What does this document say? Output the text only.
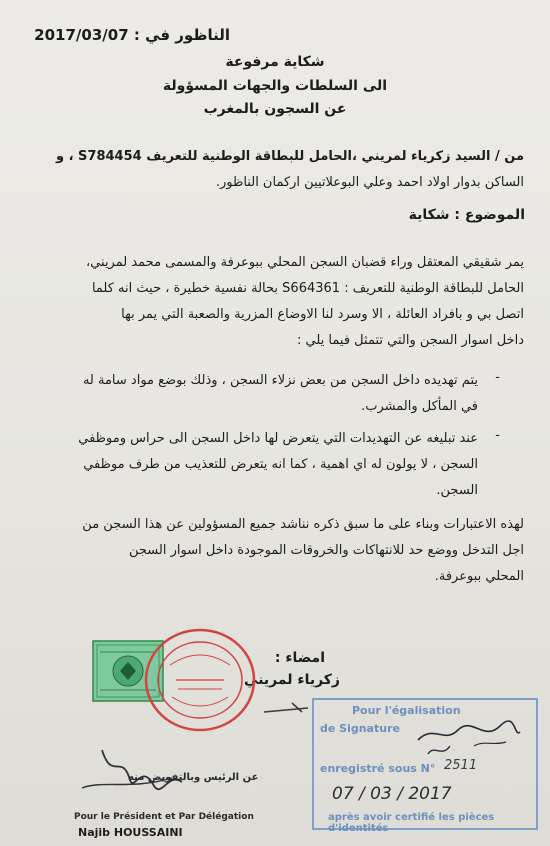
الناظور في : 2017/03/07
شكاية مرفوعة
الى السلطات والجهات المسؤولة
عن السجون بالمغرب
من / السيد زكرياء لمريني ،الحامل للبطاقة الوطنية للتعريف S784454 ، و
الساكن بدوار اولاد احمد وعلي البوعلاتيين اركمان الناظور.
الموضوع : شكاية
يمر شقيقي المعتقل وراء قضبان السجن المحلي ببوعرفة والمسمى محمد لمريني،
الحامل للبطاقة الوطنية للتعريف : S664361 بحالة نفسية خطيرة ، حيث انه كلما
اتصل بي و بافراد العائلة ، الا وسرد لنا الاوضاع المزرية والصعبة التي يمر بها
داخل اسوار السجن والتي تتمثل فيما يلي :
-
يتم تهديده داخل السجن من بعض نزلاء السجن ، وذلك بوضع مواد سامة له
في المأكل والمشرب.
-
عند تبليغه عن التهديدات التي يتعرض لها داخل السجن الى حراس وموظفي
السجن ، لا يولون له اي اهمية ، كما انه يتعرض للتعذيب من طرف موظفي
السجن.
لهذه الاعتبارات وبناء على ما سبق ذكره نناشد جميع المسؤولين عن هذا السجن من
اجل التدخل ووضع حد للانتهاكات والخروقات الموجودة داخل اسوار السجن
المحلي ببوعرفة.
امضاء :
زكرياء لمريني
Pour l'égalisation
de Signature
enregistré sous N° 2511
07 / 03 / 2017
après avoir certifié les pièces d'identités
عن الرئيس وبالتفويض منه
Pour le Président et Par Délégation
Najib HOUSSAINI
